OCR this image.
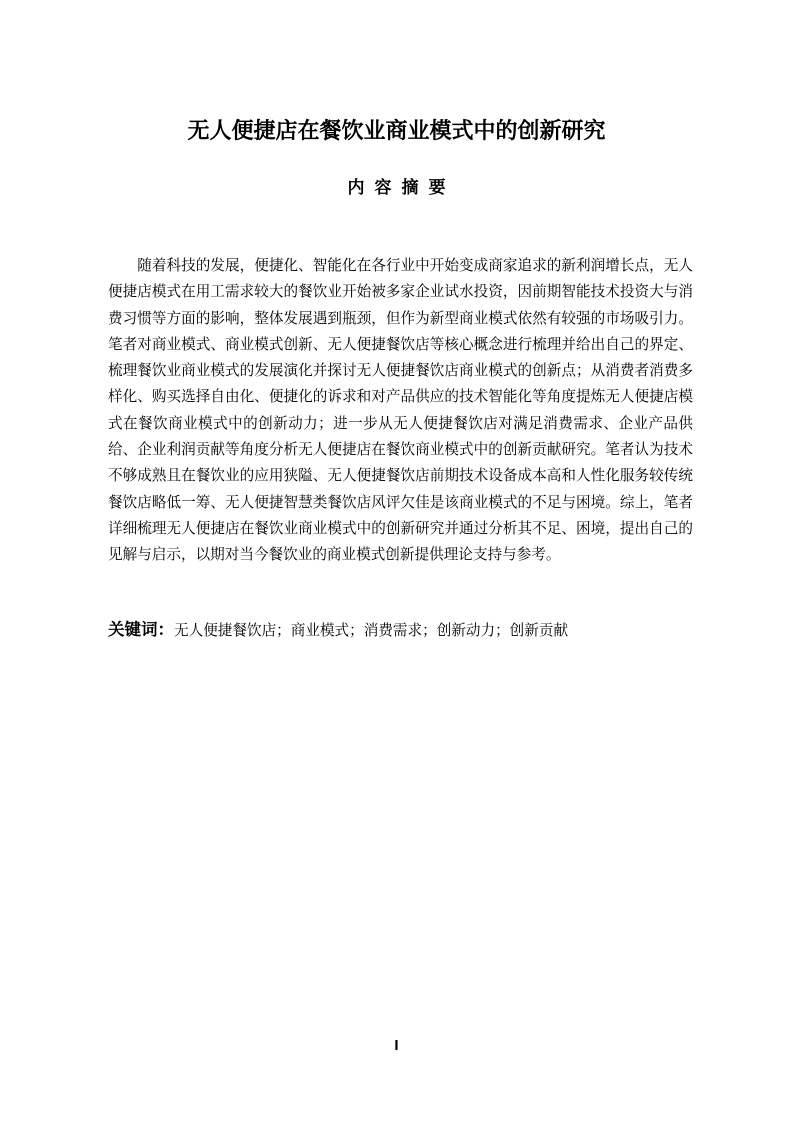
无人便捷店在餐饮业商业模式中的创新研究
内容摘要

随着科技的发展，便捷化、智能化在各行业中开始变成商家追求的新利润增长点，无人便捷店模式在用工需求较大的餐饮业开始被多家企业试水投资，因前期智能技术投资大与消费习惯等方面的影响，整体发展遇到瓶颈，但作为新型商业模式依然有较强的市场吸引力。笔者对商业模式、商业模式创新、无人便捷餐饮店等核心概念进行梳理并给出自己的界定、梳理餐饮业商业模式的发展演化并探讨无人便捷餐饮店商业模式的创新点；从消费者消费多样化、购买选择自由化、便捷化的诉求和对产品供应的技术智能化等角度提炼无人便捷店模式在餐饮商业模式中的创新动力；进一步从无人便捷餐饮店对满足消费需求、企业产品供给、企业利润贡献等角度分析无人便捷店在餐饮商业模式中的创新贡献研究。笔者认为技术不够成熟且在餐饮业的应用狭隘、无人便捷餐饮店前期技术设备成本高和人性化服务较传统餐饮店略低一筹、无人便捷智慧类餐饮店风评欠佳是该商业模式的不足与困境。综上，笔者详细梳理无人便捷店在餐饮业商业模式中的创新研究并通过分析其不足、困境，提出自己的见解与启示，以期对当今餐饮业的商业模式创新提供理论支持与参考。

关键词：无人便捷餐饮店；商业模式；消费需求；创新动力；创新贡献

I
